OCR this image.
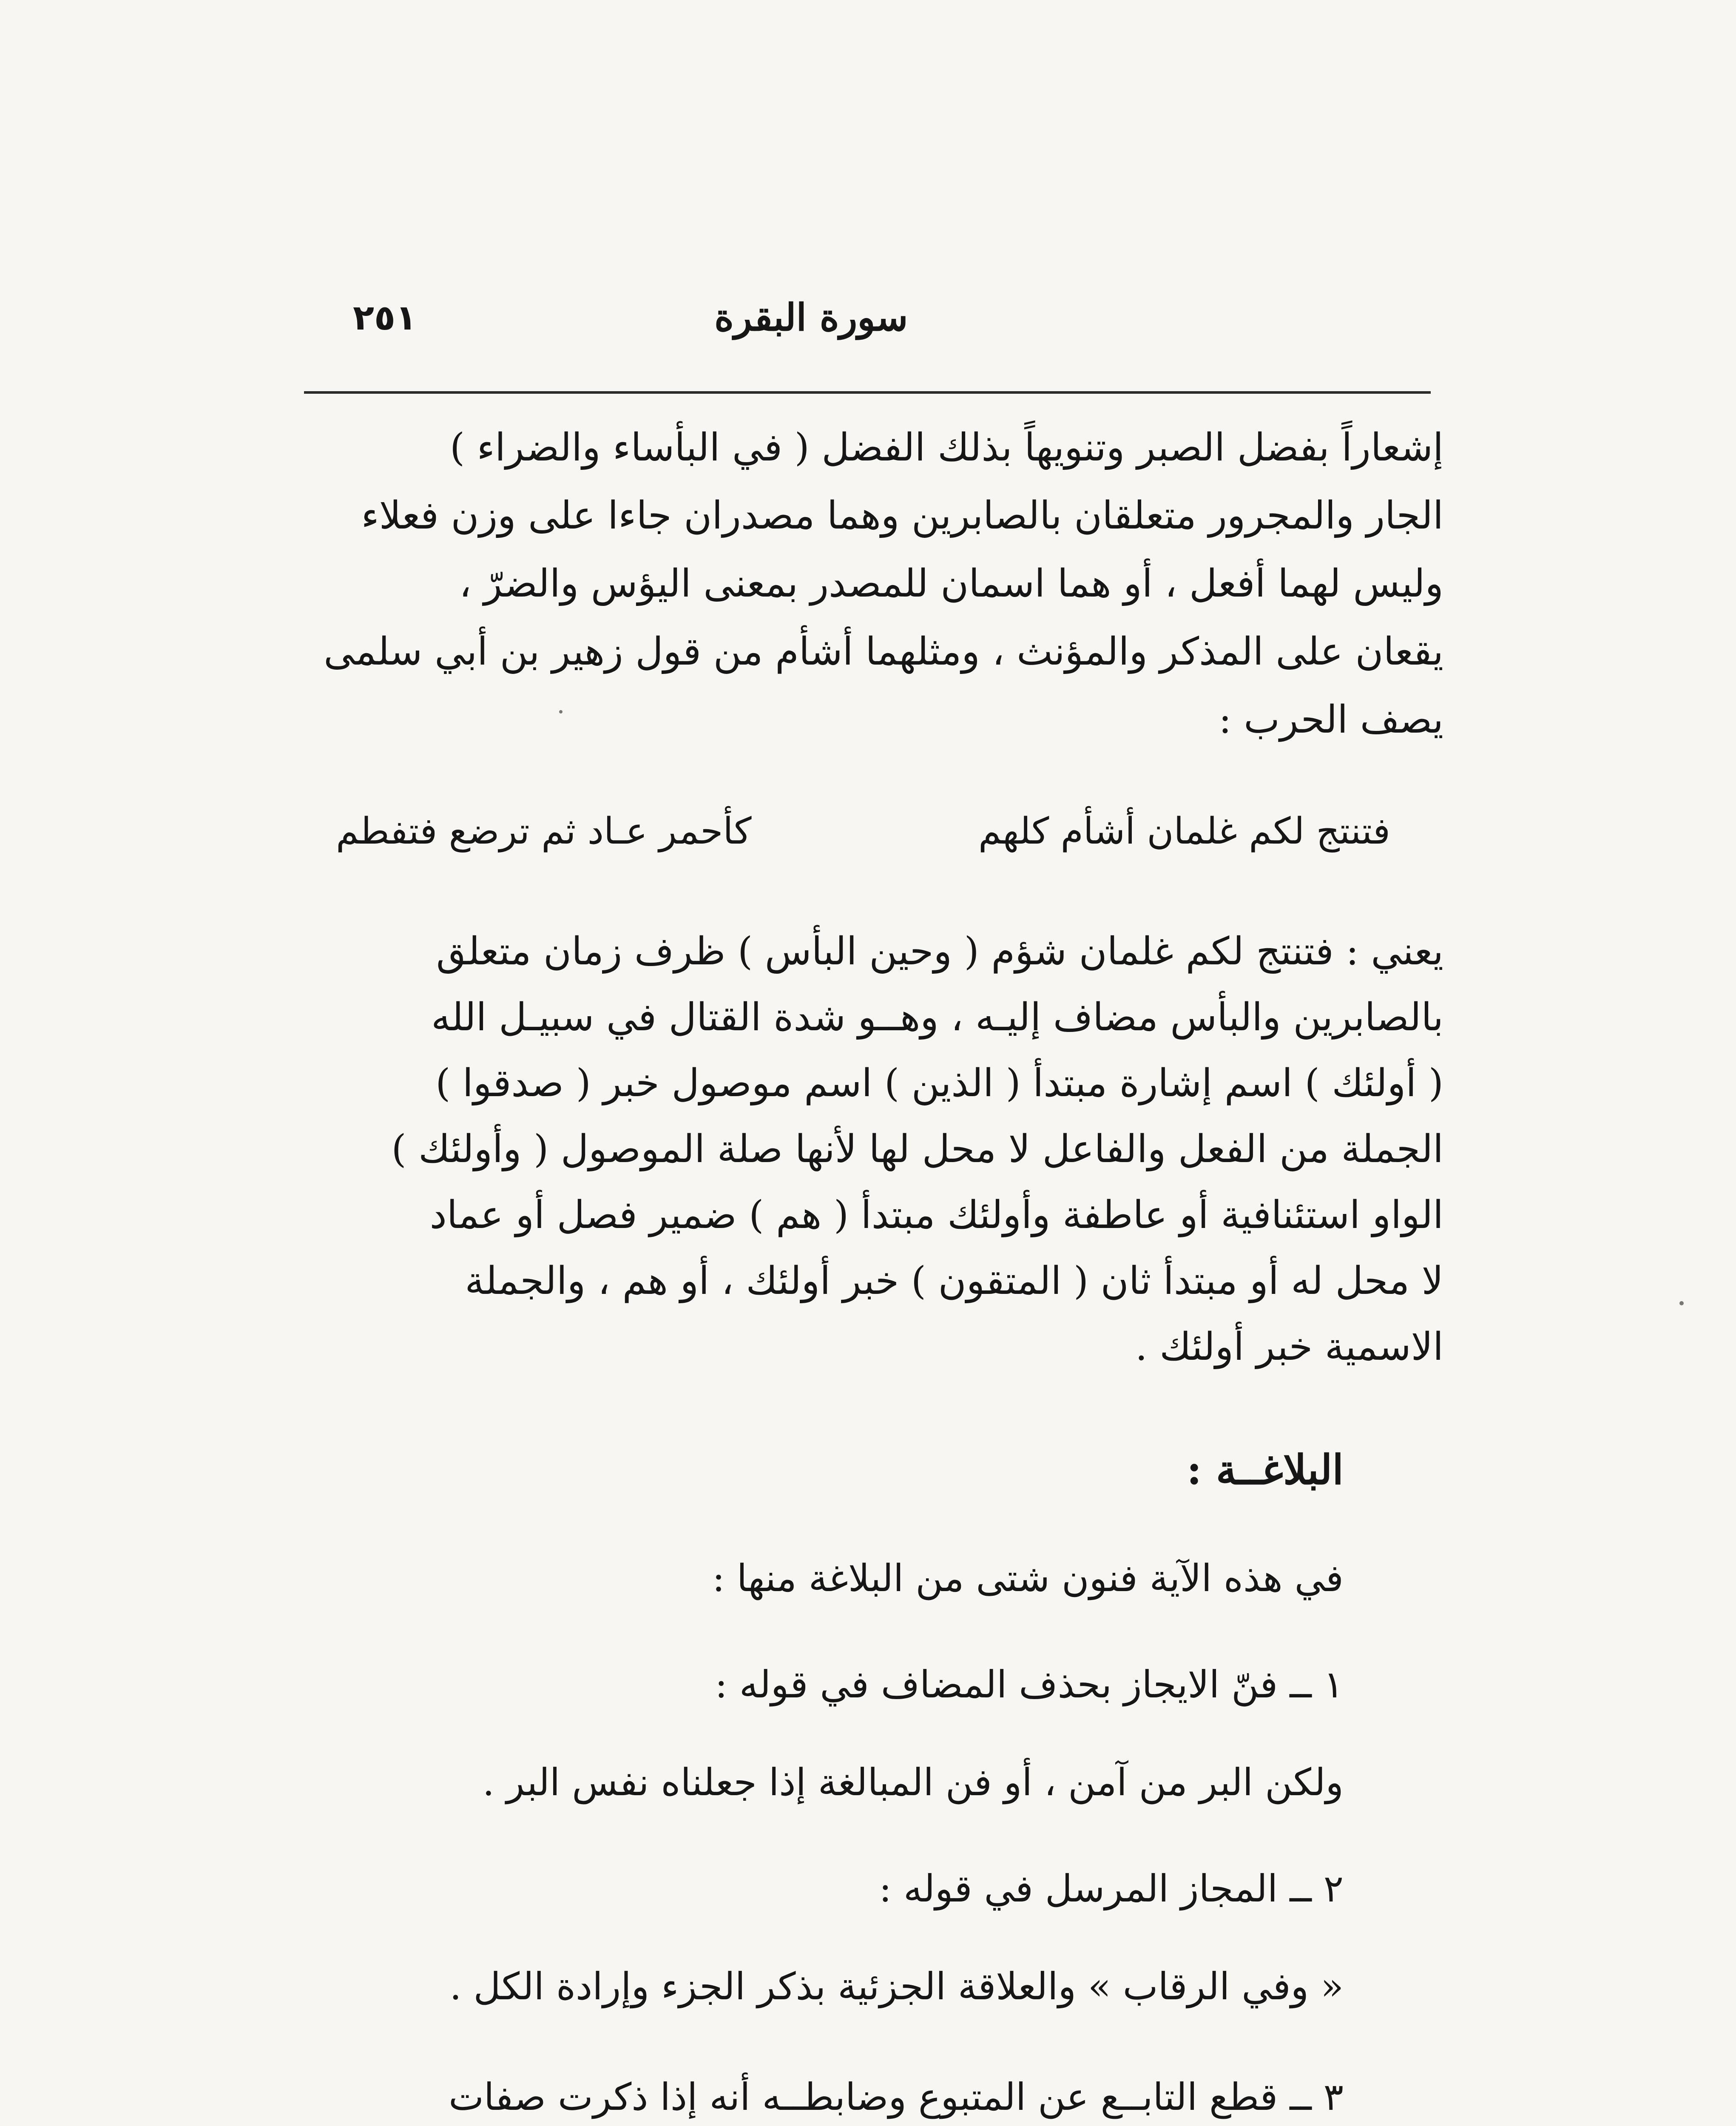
٢٥١	سورة البقرة
إشعاراً بفضل الصبر وتنويهاً بذلك الفضل ( في البأساء والضراء )
الجار والمجرور متعلقان بالصابرين وهما مصدران جاءا على وزن فعلاء
وليس لهما أفعل ، أو هما اسمان للمصدر بمعنى اليؤس والضرّ ،
يقعان على المذكر والمؤنث ، ومثلهما أشأم من قول زهير بن أبي سلمى
يصف الحرب :
فتنتج لكم غلمان أشأم كلهم
كأحمر عـاد ثم ترضع فتفطم
يعني : فتنتج لكم غلمان شؤم ( وحين البأس ) ظرف زمان متعلق
بالصابرين والبأس مضاف إليـه ، وهــو شدة القتال في سبيـل الله
( أولئك ) اسم إشارة مبتدأ ( الذين ) اسم موصول خبر ( صدقوا )
الجملة من الفعل والفاعل لا محل لها لأنها صلة الموصول ( وأولئك )
الواو استئنافية أو عاطفة وأولئك مبتدأ ( هم ) ضمير فصل أو عماد
لا محل له أو مبتدأ ثان ( المتقون ) خبر أولئك ، أو هم ، والجملة
الاسمية خبر أولئك .
البلاغــة :
في هذه الآية فنون شتى من البلاغة منها :
١ ــ فنّ الايجاز بحذف المضاف في قوله :
ولكن البر من آمن ، أو فن المبالغة إذا جعلناه نفس البر .
٢ ــ المجاز المرسل في قوله :
« وفي الرقاب » والعلاقة الجزئية بذكر الجزء وإرادة الكل .
٣ ــ قطع التابــع عن المتبوع وضابطــه أنه إذا ذكرت صفات
